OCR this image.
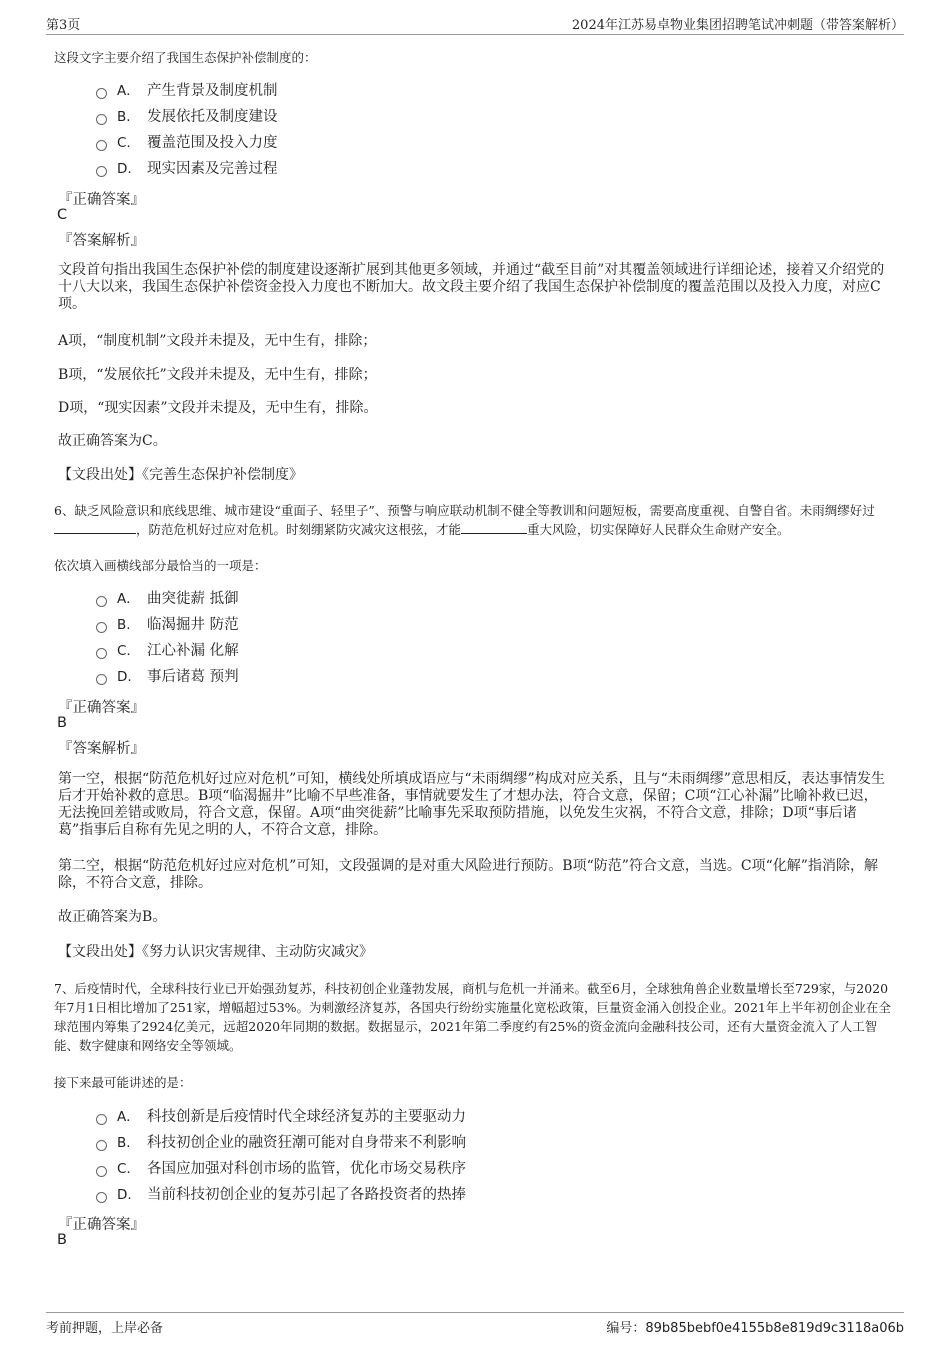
第3页	2024年江苏易卓物业集团招聘笔试冲刺题（带答案解析）
这段文字主要介绍了我国生态保护补偿制度的：
A． 产生背景及制度机制
B.	发展依托及制度建设
C.	覆盖范围及投入力度
D.	现实因素及完善过程
『正确答案』
C
『答案解析』
文段首句指出我国生态保护补偿的制度建设逐渐扩展到其他更多领域，并通过“截至目前”对其覆盖领域进行详细论述，接着又介绍党的十八大以来，我国生态保护补偿资金投入力度也不断加大。故文段主要介绍了我国生态保护补偿制度的覆盖范围以及投入力度，对应C项。
A项，“制度机制”文段并未提及，无中生有，排除；
B项，“发展依托”文段并未提及，无中生有，排除；
D项，“现实因素”文段并未提及，无中生有，排除。
故正确答案为C。
【文段出处】《完善生态保护补偿制度》
6、缺乏风险意识和底线思维、城市建设“重面子、轻里子”、预警与响应联动机制不健全等教训和问题短板，需要高度重视、自警自省。未雨绸缪好过，防范危机好过应对危机。时刻绷紧防灾减灾这根弦，才能	重大风险，切实保障好人民群众生命财产安全。
依次填入画横线部分最恰当的一项是：
A． 曲突徙薪 抵御
B.	临渴掘井 防范
C.	江心补漏 化解
D.	事后诸葛 预判
『正确答案』
B
『答案解析』
第一空，根据“防范危机好过应对危机”可知，横线处所填成语应与“未雨绸缪”构成对应关系，且与“未雨绸缪”意思相反，表达事情发生后才开始补救的意思。B项“临渴掘井”比喻不早些准备，事情就要发生了才想办法，符合文意，保留；C项“江心补漏”比喻补救已迟，无法挽回差错或败局，符合文意，保留。A项“曲突徙薪”比喻事先采取预防措施，以免发生灾祸，不符合文意，排除；D项“事后诸葛”指事后自称有先见之明的人，不符合文意，排除。
第二空，根据“防范危机好过应对危机”可知，文段强调的是对重大风险进行预防。B项“防范”符合文意，当选。C项“化解”指消除，解除，不符合文意，排除。
故正确答案为B。
【文段出处】《努力认识灾害规律、主动防灾减灾》
7、后疫情时代，全球科技行业已开始强劲复苏，科技初创企业蓬勃发展，商机与危机一并涌来。截至6月，全球独角兽企业数量增长至729家，与2020年7月1日相比增加了251家，增幅超过53%。为刺激经济复苏，各国央行纷纷实施量化宽松政策，巨量资金涌入创投企业。2021年上半年初创企业在全球范围内筹集了2924亿美元，远超2020年同期的数据。数据显示，2021年第二季度约有25%的资金流向金融科技公司，还有大量资金流入了人工智能、数字健康和网络安全等领域。
接下来最可能讲述的是：
A． 科技创新是后疫情时代全球经济复苏的主要驱动力
B.	科技初创企业的融资狂潮可能对自身带来不利影响
C.	各国应加强对科创市场的监管，优化市场交易秩序
D.	当前科技初创企业的复苏引起了各路投资者的热捧
『正确答案』
B
考前押题，上岸必备	编号：89b85bebf0e4155b8e819d9c3118a06b
